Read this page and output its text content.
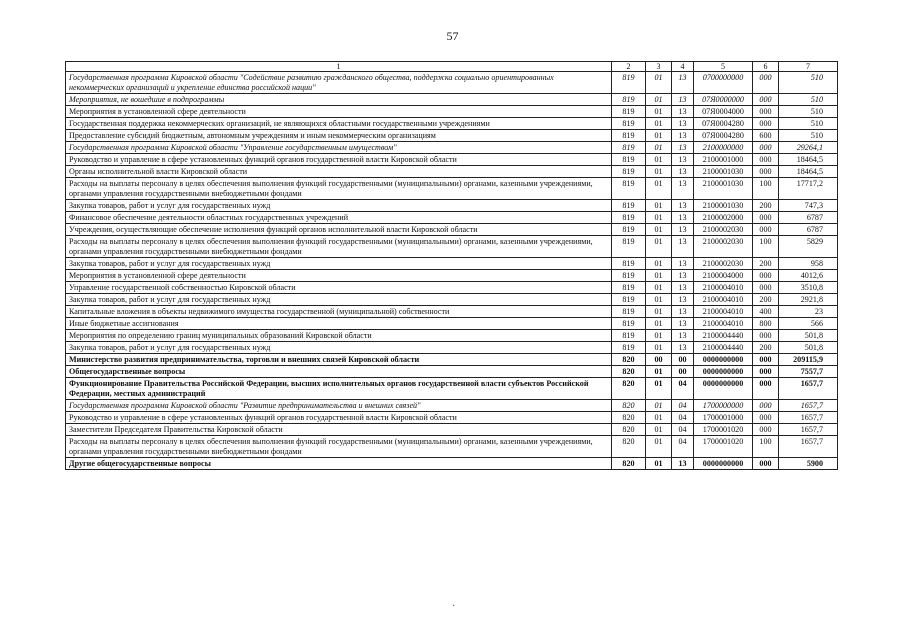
57
1	2	3	4	5	6	7
Государственная программа Кировской области "Содействие развитию гражданского общества, поддержка социально ориентированных некоммерческих организаций и укрепление единства российской нации"	819	01	13	0700000000	000	510
Мероприятия, не вошедшие в подпрограммы	819	01	13	07Я0000000	000	510
Мероприятия в установленной сфере деятельности	819	01	13	07Я0004000	000	510
Государственная поддержка некоммерческих организаций, не являющихся областными государственными учреждениями	819	01	13	07Я0004280	000	510
Предоставление субсидий бюджетным, автономным учреждениям и иным некоммерческим организациям	819	01	13	07Я0004280	600	510
Государственная программа Кировской области "Управление государственным имуществом"	819	01	13	2100000000	000	29264,1
Руководство и управление в сфере установленных функций органов государственной власти Кировской области	819	01	13	2100001000	000	18464,5
Органы исполнительной власти Кировской области	819	01	13	2100001030	000	18464,5
Расходы на выплаты персоналу в целях обеспечения выполнения функций государственными (муниципальными) органами, казенными учреждениями, органами управления государственными внебюджетными фондами	819	01	13	2100001030	100	17717,2
Закупка товаров, работ и услуг для государственных нужд	819	01	13	2100001030	200	747,3
Финансовое обеспечение деятельности областных государственных учреждений	819	01	13	2100002000	000	6787
Учреждения, осуществляющие обеспечение исполнения функций органов исполнительной власти Кировской области	819	01	13	2100002030	000	6787
Расходы на выплаты персоналу в целях обеспечения выполнения функций государственными (муниципальными) органами, казенными учреждениями, органами управления государственными внебюджетными фондами	819	01	13	2100002030	100	5829
Закупка товаров, работ и услуг для государственных нужд	819	01	13	2100002030	200	958
Мероприятия в установленной сфере деятельности	819	01	13	2100004000	000	4012,6
Управление государственной собственностью Кировской области	819	01	13	2100004010	000	3510,8
Закупка товаров, работ и услуг для государственных нужд	819	01	13	2100004010	200	2921,8
Капитальные вложения в объекты недвижимого имущества государственной (муниципальной) собственности	819	01	13	2100004010	400	23
Иные бюджетные ассигнования	819	01	13	2100004010	800	566
Мероприятия по определению границ муниципальных образований Кировской области	819	01	13	2100004440	000	501,8
Закупка товаров, работ и услуг для государственных нужд	819	01	13	2100004440	200	501,8
Министерство развития предпринимательства, торговли и внешних связей Кировской области	820	00	00	0000000000	000	209115,9
Общегосударственные вопросы	820	01	00	0000000000	000	7557,7
Функционирование Правительства Российской Федерации, высших исполнительных органов государственной власти субъектов Российской Федерации, местных администраций	820	01	04	0000000000	000	1657,7
Государственная программа Кировской области "Развитие предпринимательства и внешних связей"	820	01	04	1700000000	000	1657,7
Руководство и управление в сфере установленных функций органов государственной власти Кировской области	820	01	04	1700001000	000	1657,7
Заместители Председателя Правительства Кировской области	820	01	04	1700001020	000	1657,7
Расходы на выплаты персоналу в целях обеспечения выполнения функций государственными (муниципальными) органами, казенными учреждениями, органами управления государственными внебюджетными фондами	820	01	04	1700001020	100	1657,7
Другие общегосударственные вопросы	820	01	13	0000000000	000	5900
·
